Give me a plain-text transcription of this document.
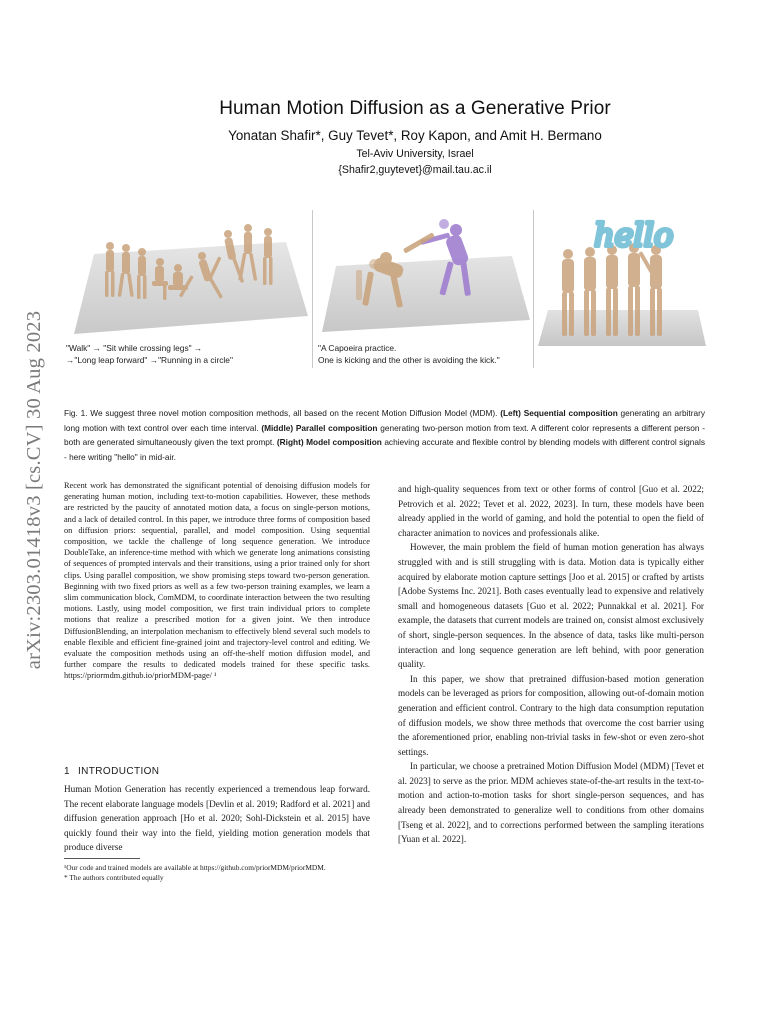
arXiv:2303.01418v3 [cs.CV] 30 Aug 2023
Human Motion Diffusion as a Generative Prior
Yonatan Shafir*, Guy Tevet*, Roy Kapon, and Amit H. Bermano
Tel-Aviv University, Israel
{Shafir2,guytevet}@mail.tau.ac.il
hello
"Walk" → "Sit while crossing legs" →
→"Long leap forward" →"Running in a circle"
"A Capoeira practice.
One is kicking and the other is avoiding the kick."
Fig. 1. We suggest three novel motion composition methods, all based on the recent Motion Diffusion Model (MDM). (Left) Sequential composition generating an arbitrary long motion with text control over each time interval. (Middle) Parallel composition generating two-person motion from text. A different color represents a different person - both are generated simultaneously given the text prompt. (Right) Model composition achieving accurate and flexible control by blending models with different control signals - here writing "hello" in mid-air.

Recent work has demonstrated the significant potential of denoising diffusion models for generating human motion, including text-to-motion capabilities. However, these methods are restricted by the paucity of annotated motion data, a focus on single-person motions, and a lack of detailed control. In this paper, we introduce three forms of composition based on diffusion priors: sequential, parallel, and model composition. Using sequential composition, we tackle the challenge of long sequence generation. We introduce DoubleTake, an inference-time method with which we generate long animations consisting of sequences of prompted intervals and their transitions, using a prior trained only for short clips. Using parallel composition, we show promising steps toward two-person generation. Beginning with two fixed priors as well as a few two-person training examples, we learn a slim communication block, ComMDM, to coordinate interaction between the two resulting motions. Lastly, using model composition, we first train individual priors to complete motions that realize a prescribed motion for a given joint. We then introduce DiffusionBlending, an interpolation mechanism to effectively blend several such models to enable flexible and efficient fine-grained joint and trajectory-level control and editing. We evaluate the composition methods using an off-the-shelf motion diffusion model, and further compare the results to dedicated models trained for these specific tasks. https://priormdm.github.io/priorMDM-page/ ¹

1 INTRODUCTION

Human Motion Generation has recently experienced a tremendous leap forward. The recent elaborate language models [Devlin et al. 2019; Radford et al. 2021] and diffusion generation approach [Ho et al. 2020; Sohl-Dickstein et al. 2015] have quickly found their way into the field, yielding motion generation models that produce diverse

¹Our code and trained models are available at https://github.com/priorMDM/priorMDM.
* The authors contributed equally

and high-quality sequences from text or other forms of control [Guo et al. 2022; Petrovich et al. 2022; Tevet et al. 2022, 2023]. In turn, these models have been already applied in the world of gaming, and hold the potential to open the field of character animation to novices and professionals alike.

However, the main problem the field of human motion generation has always struggled with and is still struggling with is data. Motion data is typically either acquired by elaborate motion capture settings [Joo et al. 2015] or crafted by artists [Adobe Systems Inc. 2021]. Both cases eventually lead to expensive and relatively small and homogeneous datasets [Guo et al. 2022; Punnakkal et al. 2021]. For example, the datasets that current models are trained on, consist almost exclusively of short, single-person sequences. In the absence of data, tasks like multi-person interaction and long sequence generation are left behind, with poor generation quality.

In this paper, we show that pretrained diffusion-based motion generation models can be leveraged as priors for composition, allowing out-of-domain motion generation and efficient control. Contrary to the high data consumption reputation of diffusion models, we show three methods that overcome the cost barrier using the aforementioned prior, enabling non-trivial tasks in few-shot or even zero-shot settings.

In particular, we choose a pretrained Motion Diffusion Model (MDM) [Tevet et al. 2023] to serve as the prior. MDM achieves state-of-the-art results in the text-to-motion and action-to-motion tasks for short single-person sequences, and has already been demonstrated to generalize well to conditions from other domains [Tseng et al. 2022], and to corrections performed between the sampling iterations [Yuan et al. 2022].
